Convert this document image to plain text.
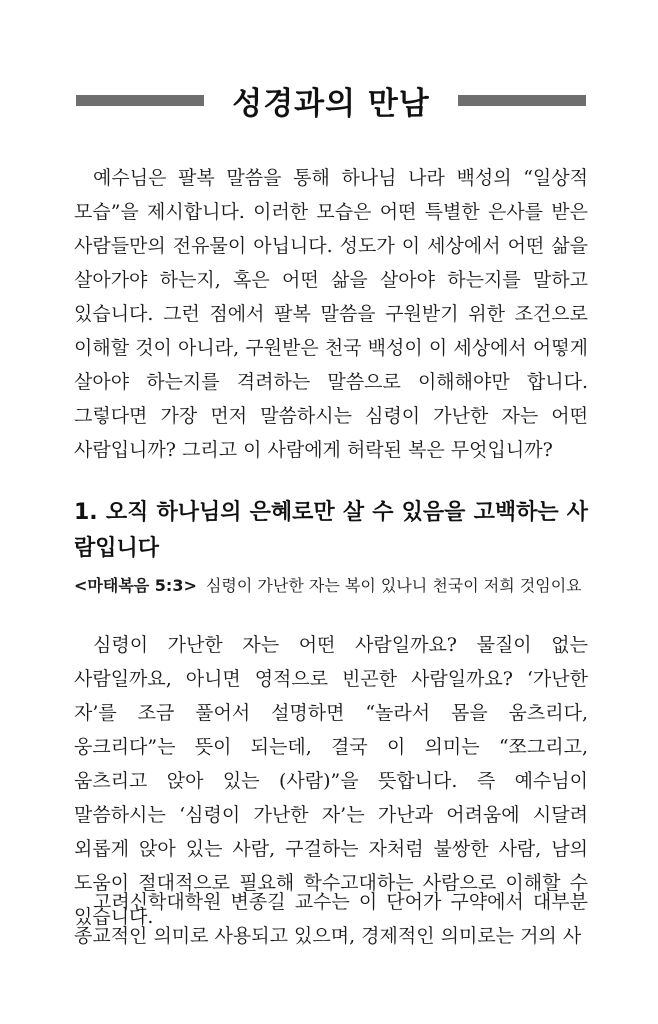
성경과의 만남

예수님은 팔복 말씀을 통해 하나님 나라 백성의 “일상적 모습”을 제시합니다. 이러한 모습은 어떤 특별한 은사를 받은 사람들만의 전유물이 아닙니다. 성도가 이 세상에서 어떤 삶을 살아가야 하는지, 혹은 어떤 삶을 살아야 하는지를 말하고 있습니다. 그런 점에서 팔복 말씀을 구원받기 위한 조건으로 이해할 것이 아니라, 구원받은 천국 백성이 이 세상에서 어떻게 살아야 하는지를 격려하는 말씀으로 이해해야만 합니다. 그렇다면 가장 먼저 말씀하시는 심령이 가난한 자는 어떤 사람입니까? 그리고 이 사람에게 허락된 복은 무엇입니까?

1. 오직 하나님의 은혜로만 살 수 있음을 고백하는 사람입니다
<마태복음 5:3> 심령이 가난한 자는 복이 있나니 천국이 저희 것임이요

심령이 가난한 자는 어떤 사람일까요? 물질이 없는 사람일까요, 아니면 영적으로 빈곤한 사람일까요? ‘가난한 자’를 조금 풀어서 설명하면 “놀라서 몸을 움츠리다, 웅크리다”는 뜻이 되는데, 결국 이 의미는 “쪼그리고, 움츠리고 앉아 있는 (사람)”을 뜻합니다. 즉 예수님이 말씀하시는 ‘심령이 가난한 자’는 가난과 어려움에 시달려 외롭게 앉아 있는 사람, 구걸하는 자처럼 불쌍한 사람, 남의 도움이 절대적으로 필요해 학수고대하는 사람으로 이해할 수 있습니다.

고려신학대학원 변종길 교수는 이 단어가 구약에서 대부분 종교적인 의미로 사용되고 있으며, 경제적인 의미로는 거의 사
